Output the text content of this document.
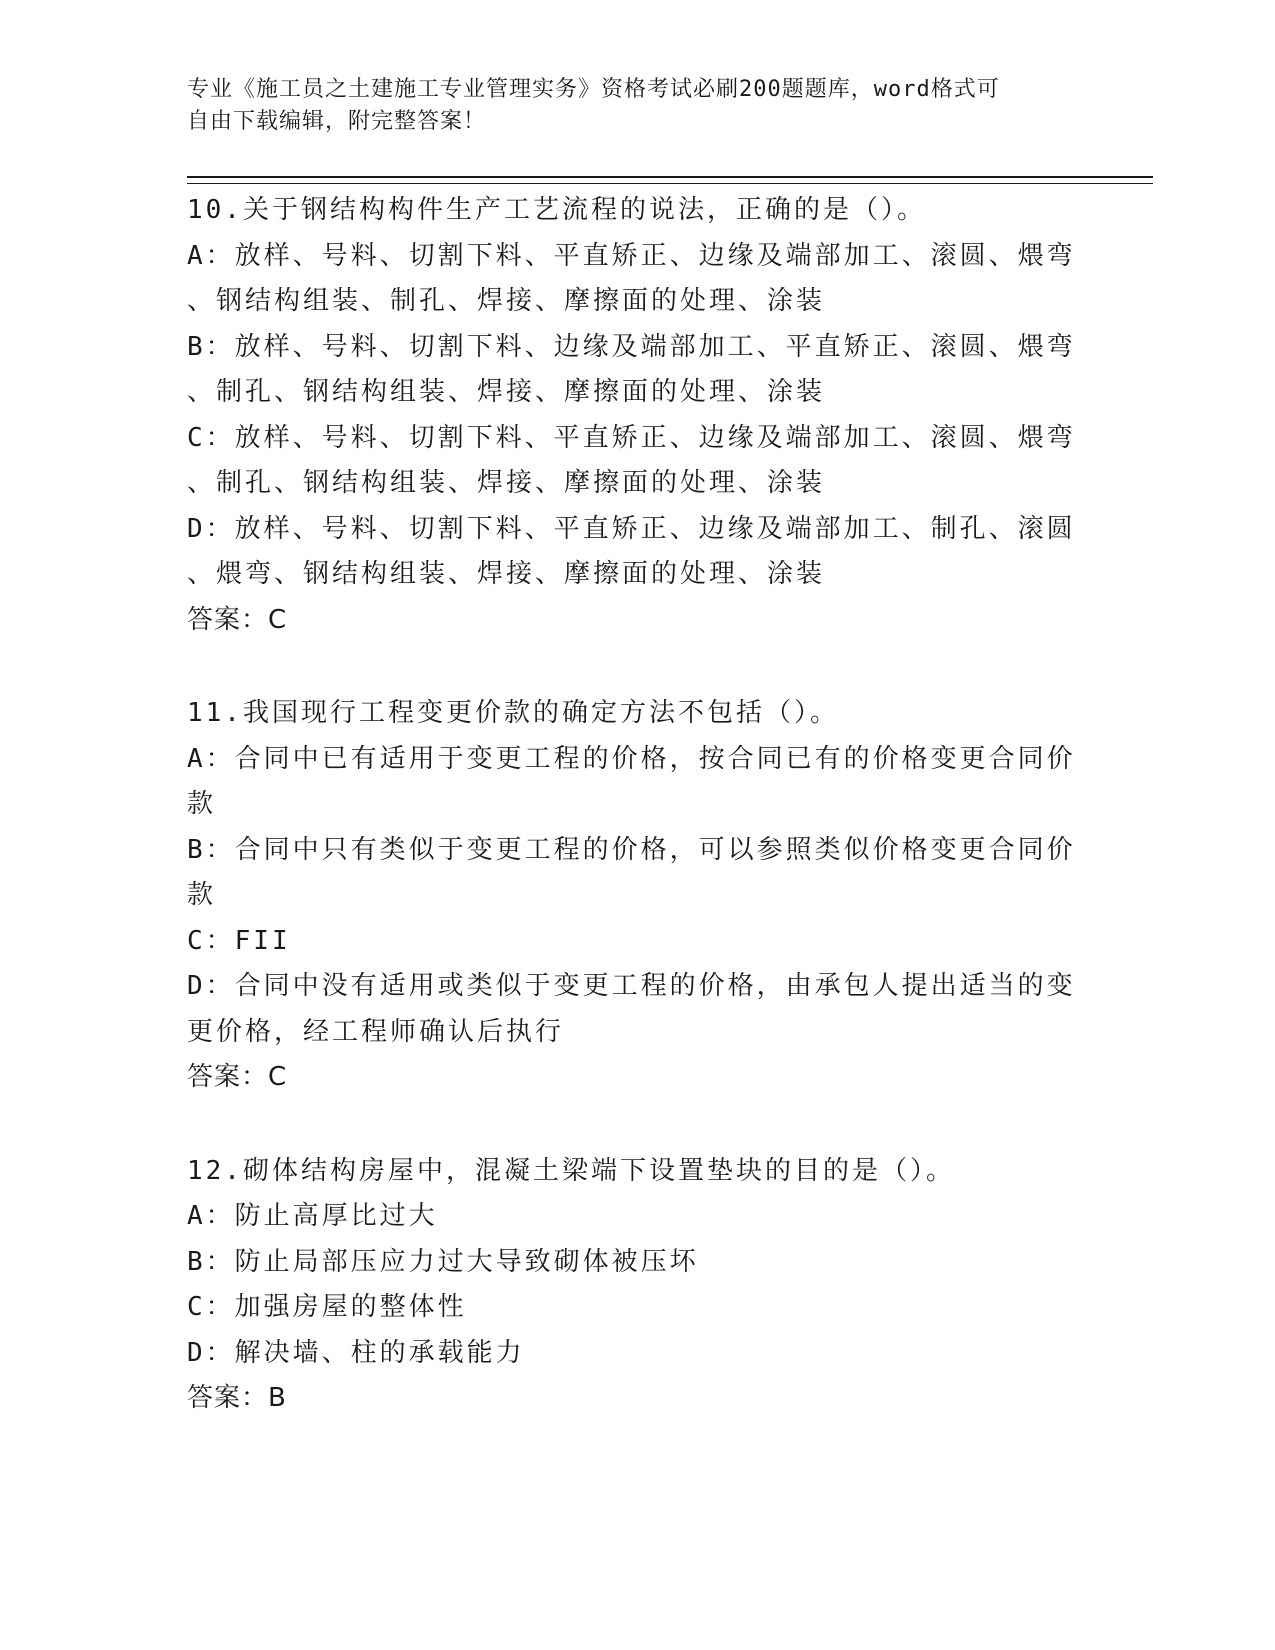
专业《施工员之土建施工专业管理实务》资格考试必刷200题题库，word格式可
自由下载编辑，附完整答案！
10.关于钢结构构件生产工艺流程的说法，正确的是（）。
A：放样、号料、切割下料、平直矫正、边缘及端部加工、滚圆、煨弯
、钢结构组装、制孔、焊接、摩擦面的处理、涂装
B：放样、号料、切割下料、边缘及端部加工、平直矫正、滚圆、煨弯
、制孔、钢结构组装、焊接、摩擦面的处理、涂装
C：放样、号料、切割下料、平直矫正、边缘及端部加工、滚圆、煨弯
、制孔、钢结构组装、焊接、摩擦面的处理、涂装
D：放样、号料、切割下料、平直矫正、边缘及端部加工、制孔、滚圆
、煨弯、钢结构组装、焊接、摩擦面的处理、涂装
答案：C
11.我国现行工程变更价款的确定方法不包括（）。
A：合同中已有适用于变更工程的价格，按合同已有的价格变更合同价
款
B：合同中只有类似于变更工程的价格，可以参照类似价格变更合同价
款
C：FII
D：合同中没有适用或类似于变更工程的价格，由承包人提出适当的变
更价格，经工程师确认后执行
答案：C
12.砌体结构房屋中，混凝土梁端下设置垫块的目的是（）。
A：防止高厚比过大
B：防止局部压应力过大导致砌体被压坏
C：加强房屋的整体性
D：解决墙、柱的承载能力
答案：B
